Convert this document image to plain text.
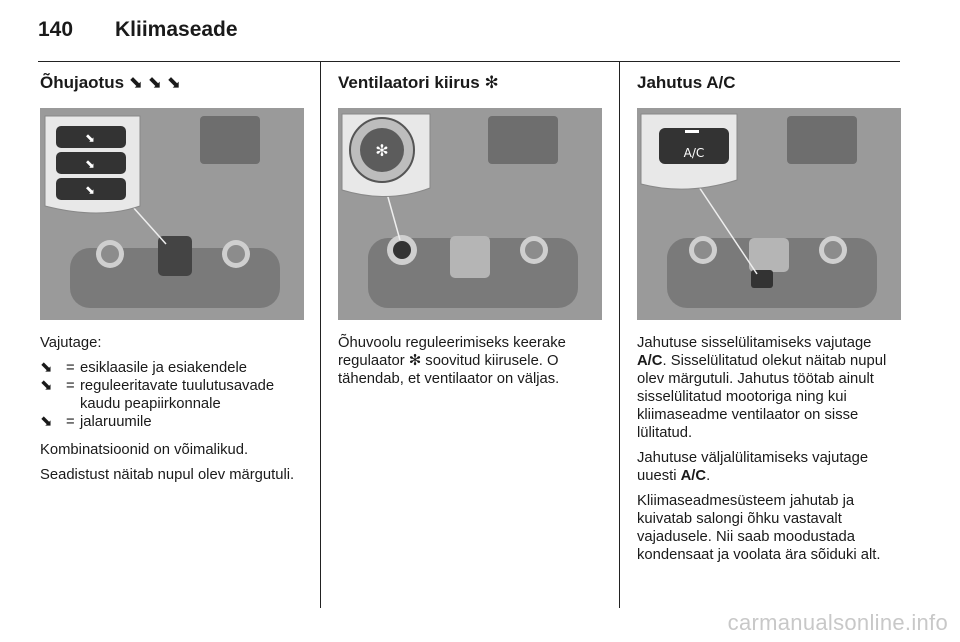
140 Kliimaseade
Õhujaotus ⬊ ⬊ ⬊
⬊
⬊
⬊

Vajutage:

⬊ = esiklaasile ja esiakendele
⬊ = reguleeritavate tuulutusavade kaudu peapiirkonnale
⬊ = jalaruumile

Kombinatsioonid on võimalikud.

Seadistust näitab nupul olev märgutuli.

Ventilaatori kiirus ✻
✻

Õhuvoolu reguleerimiseks keerake regulaator ✻ soovitud kiirusele. O tähendab, et ventilaator on väljas.

Jahutus A/C
A/C

Jahutuse sisselülitamiseks vajutage A/C. Sisselülitatud olekut näitab nupul olev märgutuli. Jahutus töötab ainult sisselülitatud mootoriga ning kui kliimaseadme ventilaator on sisse lülitatud.

Jahutuse väljalülitamiseks vajutage uuesti A/C.

Kliimaseadmesüsteem jahutab ja kuivatab salongi õhku vastavalt vajadusele. Nii saab moodustada kondensaat ja voolata ära sõiduki alt.

carmanualsonline.info
